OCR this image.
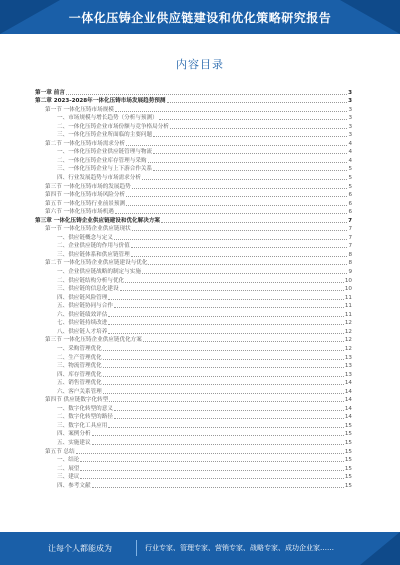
一体化压铸企业供应链建设和优化策略研究报告
内容目录
第一章 前言	3
第二章 2023-2028年一体化压铸市场发展趋势预测	3
第一节 一体化压铸市场规模	3
一、市场规模与增长趋势（分析与预测）	3
二、一体化压铸企业市场份额与竞争格局分析	3
三、一体化压铸企业所面临的主要问题	3
第二节 一体化压铸市场需求分析	4
一、一体化压铸企业供应链管理与物流	4
二、一体化压铸企业库存管理与采购	4
三、一体化压铸企业与上下游合作关系	5
四、行业发展趋势与市场需求分析	5
第三节 一体化压铸市场的发展趋势	5
第四节 一体化压铸市场风险分析	6
第五节 一体化压铸行业前景预测	6
第六节 一体化压铸市场机遇	6
第三章 一体化压铸企业供应链建设和优化解决方案	7
第一节 一体化压铸企业供应链现状	7
一、供应链概念与定义	7
二、企业供应链的作用与价值	7
三、供应链体系和供应链管理	8
第二节 一体化压铸企业供应链建设与优化	8
一、企业供应链战略的制定与实施	9
二、供应链结构分析与优化	10
三、供应链的信息化建设	10
四、供应链风险管理	11
五、供应链协同与合作	11
六、供应链绩效评估	11
七、供应链持续改进	12
八、供应链人才培养	12
第三节 一体化压铸企业供应链优化方案	12
一、采购管理优化	12
二、生产管理优化	13
三、物流管理优化	13
四、库存管理优化	13
五、销售管理优化	14
六、客户关系管理	14
第四节 供应链数字化转型	14
一、数字化转型的意义	14
二、数字化转型的路径	14
三、数字化工具应用	15
四、案例分析	15
五、实施建议	15
第五节 总结	15
一、结论	15
二、展望	15
三、建议	15
四、参考文献	15
让每个人都能成为	行业专家、管理专家、营销专家、战略专家、成功企业家……
